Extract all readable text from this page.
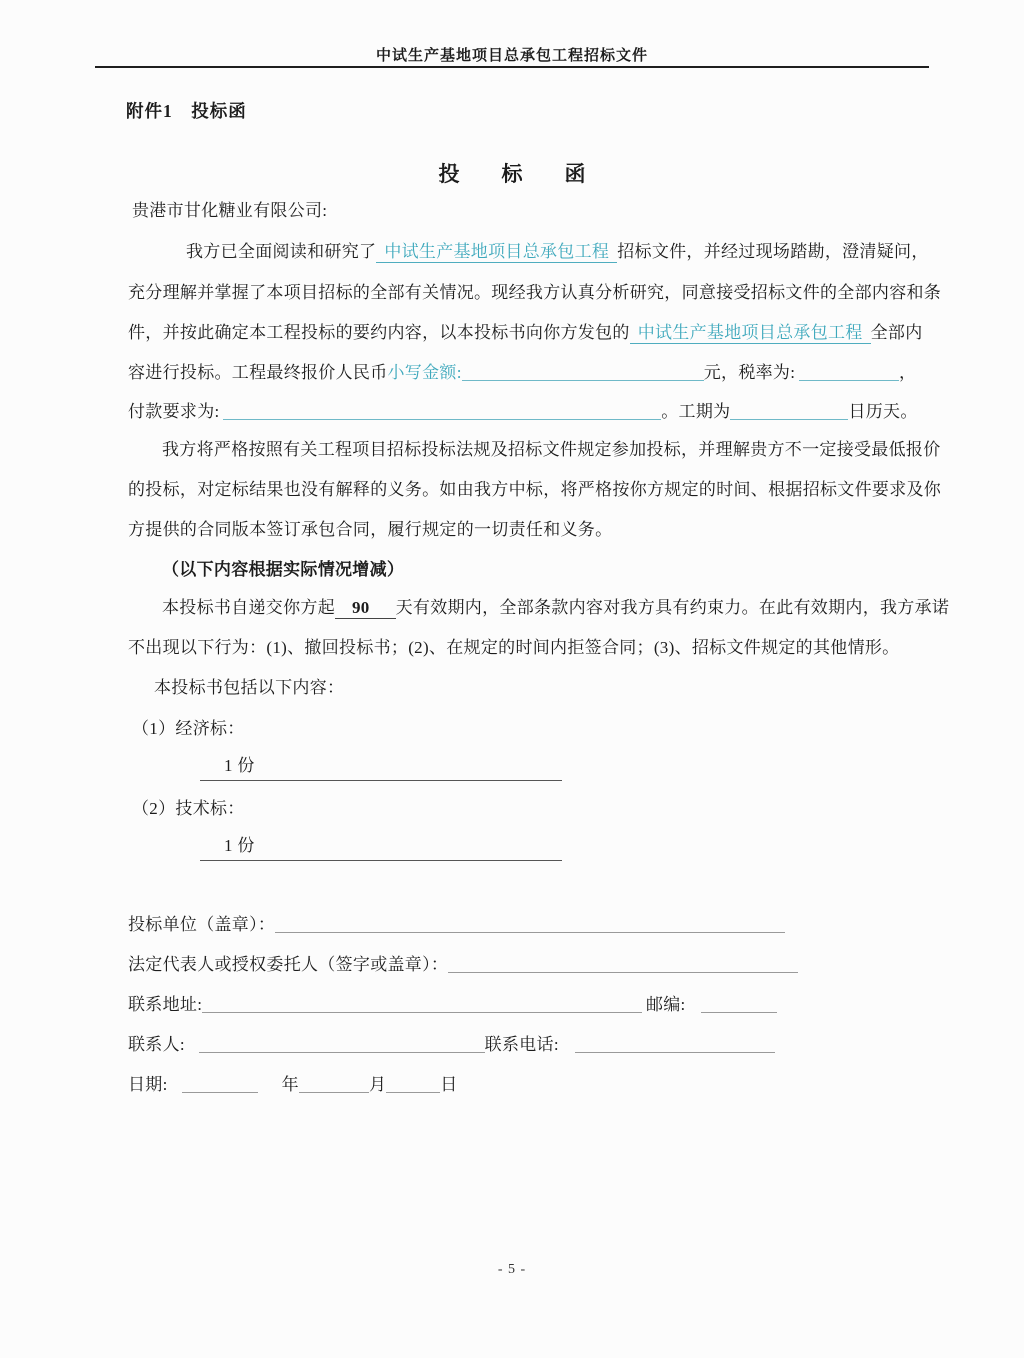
中试生产基地项目总承包工程招标文件
附件1　投标函
投　　标　　函
贵港市甘化糖业有限公司:
我方已全面阅读和研究了 中试生产基地项目总承包工程 招标文件，并经过现场踏勘，澄清疑问，
充分理解并掌握了本项目招标的全部有关情况。现经我方认真分析研究，同意接受招标文件的全部内容和条
件，并按此确定本工程投标的要约内容，以本投标书向你方发包的 中试生产基地项目总承包工程 全部内
容进行投标。工程最终报价人民币小写金额:	元，税率为: 	，
付款要求为: 	。工期为	日历天。
我方将严格按照有关工程项目招标投标法规及招标文件规定参加投标，并理解贵方不一定接受最低报价
的投标，对定标结果也没有解释的义务。如由我方中标，将严格按你方规定的时间、根据招标文件要求及你
方提供的合同版本签订承包合同，履行规定的一切责任和义务。
（以下内容根据实际情况增减）
本投标书自递交你方起 90 天有效期内，全部条款内容对我方具有约束力。在此有效期内，我方承诺
不出现以下行为：(1)、撤回投标书；(2)、在规定的时间内拒签合同；(3)、招标文件规定的其他情形。
本投标书包括以下内容：
（1）经济标：
1 份
（2）技术标：
1 份
投标单位（盖章）：
法定代表人或授权委托人（签字或盖章）：
联系地址: 	邮编: 
联系人: 	联系电话: 
日期:	年	月	日
- 5 -
